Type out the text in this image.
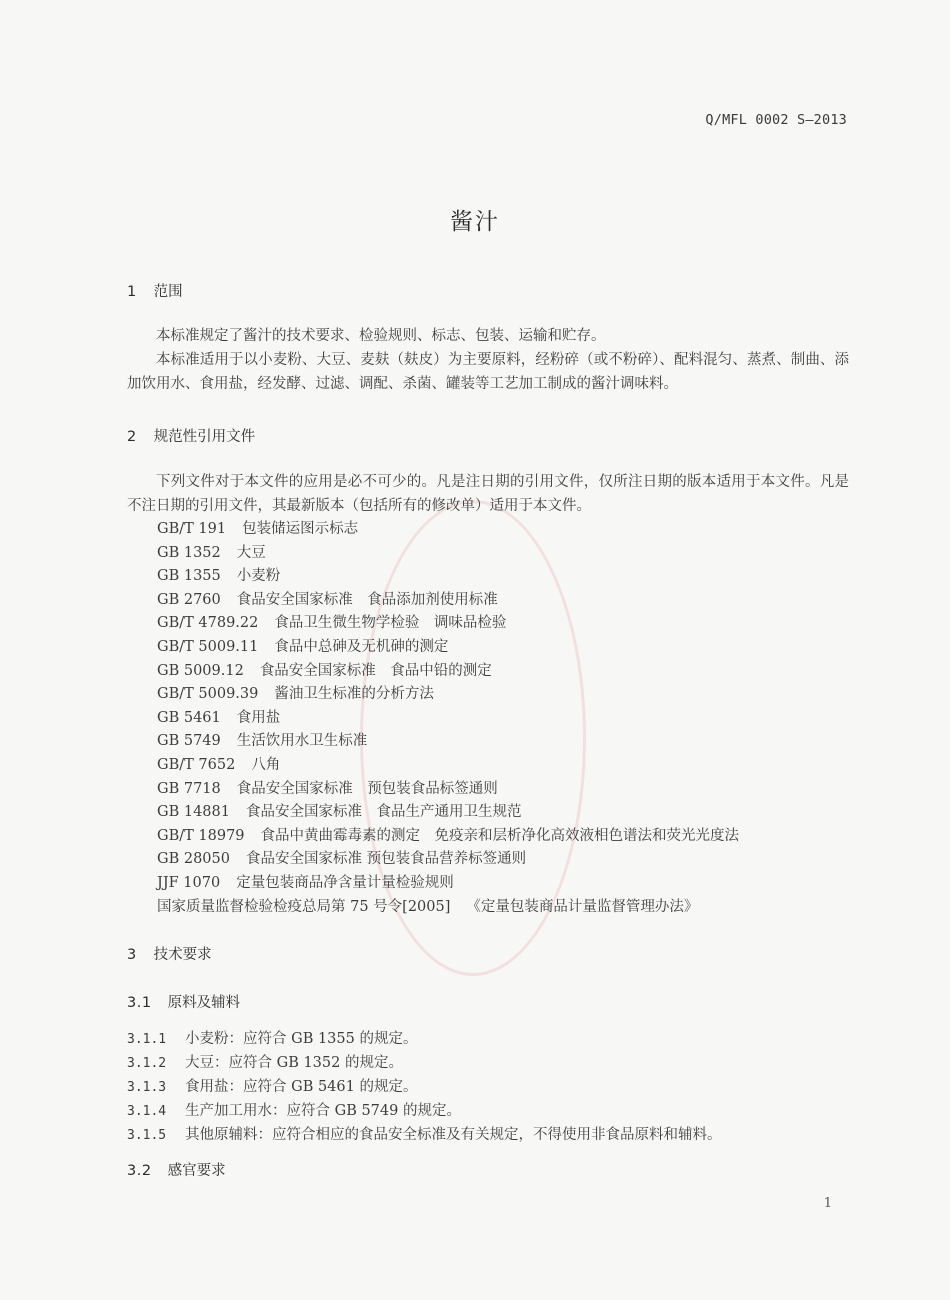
Q/MFL 0002 S—2013
酱汁
1 范围

本标准规定了酱汁的技术要求、检验规则、标志、包装、运输和贮存。

本标准适用于以小麦粉、大豆、麦麸（麸皮）为主要原料，经粉碎（或不粉碎）、配料混匀、蒸煮、制曲、添加饮用水、食用盐，经发酵、过滤、调配、杀菌、罐装等工艺加工制成的酱汁调味料。

2 规范性引用文件

下列文件对于本文件的应用是必不可少的。凡是注日期的引用文件，仅所注日期的版本适用于本文件。凡是不注日期的引用文件，其最新版本（包括所有的修改单）适用于本文件。

GB/T 191 包装储运图示标志
GB 1352 大豆
GB 1355 小麦粉
GB 2760 食品安全国家标准　食品添加剂使用标准
GB/T 4789.22 食品卫生微生物学检验　调味品检验
GB/T 5009.11 食品中总砷及无机砷的测定
GB 5009.12 食品安全国家标准　食品中铅的测定
GB/T 5009.39 酱油卫生标准的分析方法
GB 5461 食用盐
GB 5749 生活饮用水卫生标准
GB/T 7652 八角
GB 7718 食品安全国家标准　预包装食品标签通则
GB 14881 食品安全国家标准　食品生产通用卫生规范
GB/T 18979 食品中黄曲霉毒素的测定　免疫亲和层析净化高效液相色谱法和荧光光度法
GB 28050 食品安全国家标准 预包装食品营养标签通则
JJF 1070 定量包装商品净含量计量检验规则
国家质量监督检验检疫总局第 75 号令[2005] 《定量包装商品计量监督管理办法》
3 技术要求
3.1 原料及辅料
3.1.1 小麦粉：应符合 GB 1355 的规定。
3.1.2 大豆：应符合 GB 1352 的规定。
3.1.3 食用盐：应符合 GB 5461 的规定。
3.1.4 生产加工用水：应符合 GB 5749 的规定。
3.1.5 其他原辅料：应符合相应的食品安全标准及有关规定，不得使用非食品原料和辅料。
3.2 感官要求
1
